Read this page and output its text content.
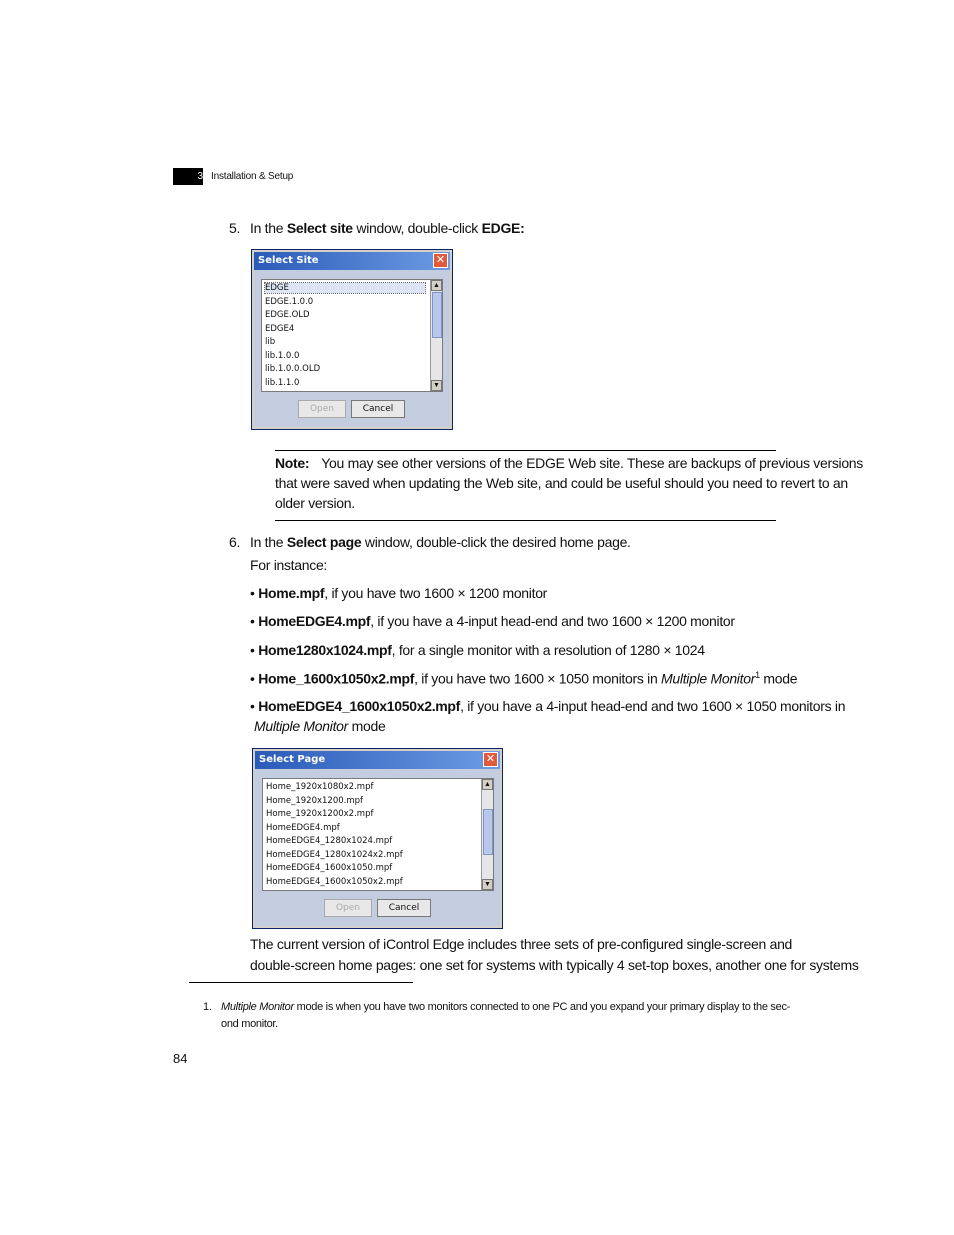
3 Installation & Setup
5. In the Select site window, double-click EDGE:
Select Site	✕
EDGE
EDGE.1.0.0
EDGE.OLD
EDGE4
lib
lib.1.0.0
lib.1.0.0.OLD
lib.1.1.0
▲
▼
Open	Cancel
Note: You may see other versions of the EDGE Web site. These are backups of previous versions
that were saved when updating the Web site, and could be useful should you need to revert to an
older version.
6. In the Select page window, double-click the desired home page.
For instance:
• Home.mpf, if you have two 1600 × 1200 monitor
• HomeEDGE4.mpf, if you have a 4-input head-end and two 1600 × 1200 monitor
• Home1280x1024.mpf, for a single monitor with a resolution of 1280 × 1024
• Home_1600x1050x2.mpf, if you have two 1600 × 1050 monitors in Multiple Monitor$^1$ mode
• HomeEDGE4_1600x1050x2.mpf, if you have a 4-input head-end and two 1600 × 1050 monitors in
Multiple Monitor mode
Select Page	✕
Home_1920x1080x2.mpf
Home_1920x1200.mpf
Home_1920x1200x2.mpf
HomeEDGE4.mpf
HomeEDGE4_1280x1024.mpf
HomeEDGE4_1280x1024x2.mpf
HomeEDGE4_1600x1050.mpf
HomeEDGE4_1600x1050x2.mpf
▲
▼
Open	Cancel
The current version of iControl Edge includes three sets of pre-configured single-screen and
double-screen home pages: one set for systems with typically 4 set-top boxes, another one for systems
1. Multiple Monitor mode is when you have two monitors connected to one PC and you expand your primary display to the sec-
ond monitor.
84
